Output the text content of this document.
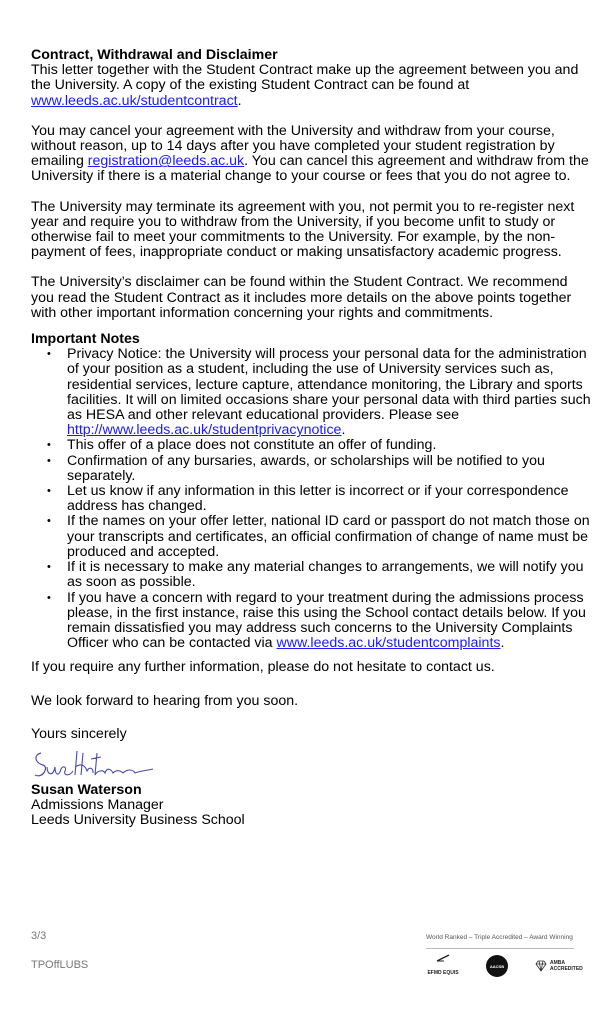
Contract, Withdrawal and Disclaimer

This letter together with the Student Contract make up the agreement between you and the University. A copy of the existing Student Contract can be found at www.leeds.ac.uk/studentcontract.

You may cancel your agreement with the University and withdraw from your course, without reason, up to 14 days after you have completed your student registration by emailing registration@leeds.ac.uk. You can cancel this agreement and withdraw from the University if there is a material change to your course or fees that you do not agree to.

The University may terminate its agreement with you, not permit you to re-register next year and require you to withdraw from the University, if you become unfit to study or otherwise fail to meet your commitments to the University. For example, by the non-payment of fees, inappropriate conduct or making unsatisfactory academic progress.

The University’s disclaimer can be found within the Student Contract. We recommend you read the Student Contract as it includes more details on the above points together with other important information concerning your rights and commitments.

Important Notes

• Privacy Notice: the University will process your personal data for the administration of your position as a student, including the use of University services such as, residential services, lecture capture, attendance monitoring, the Library and sports facilities. It will on limited occasions share your personal data with third parties such as HESA and other relevant educational providers. Please see http://www.leeds.ac.uk/studentprivacynotice.
• This offer of a place does not constitute an offer of funding.
• Confirmation of any bursaries, awards, or scholarships will be notified to you separately.
• Let us know if any information in this letter is incorrect or if your correspondence address has changed.
• If the names on your offer letter, national ID card or passport do not match those on your transcripts and certificates, an official confirmation of change of name must be produced and accepted.
• If it is necessary to make any material changes to arrangements, we will notify you as soon as possible.
• If you have a concern with regard to your treatment during the admissions process please, in the first instance, raise this using the School contact details below. If you remain dissatisfied you may address such concerns to the University Complaints Officer who can be contacted via www.leeds.ac.uk/studentcomplaints.

If you require any further information, please do not hesitate to contact us.

We look forward to hearing from you soon.

Yours sincerely

Susan Waterson

Admissions Manager

Leeds University Business School

3/3
TPOffLUBS
World Ranked – Triple Accredited – Award Winning
EFMD EQUIS
AACSB	AMBA ACCREDITED
